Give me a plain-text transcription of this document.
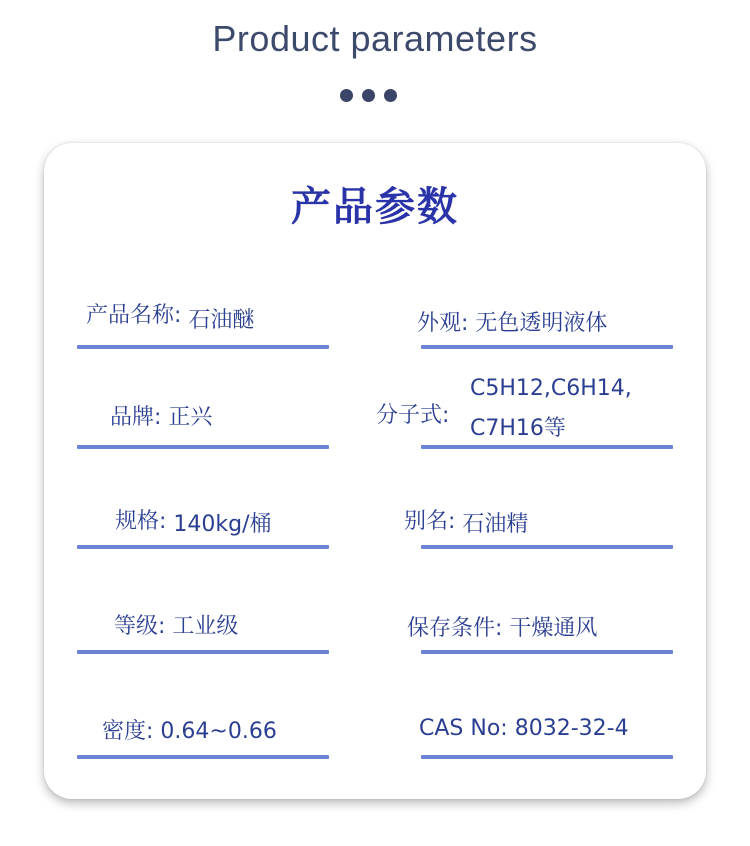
Product parameters
产品参数
产品名称: 石油醚	外观: 无色透明液体
品牌: 正兴	分子式:
C5H12,C6H14,
C7H16等
规格: 140kg/桶	别名: 石油精
等级: 工业级	保存条件: 干燥通风
密度: 0.64~0.66	CAS No: 8032-32-4
